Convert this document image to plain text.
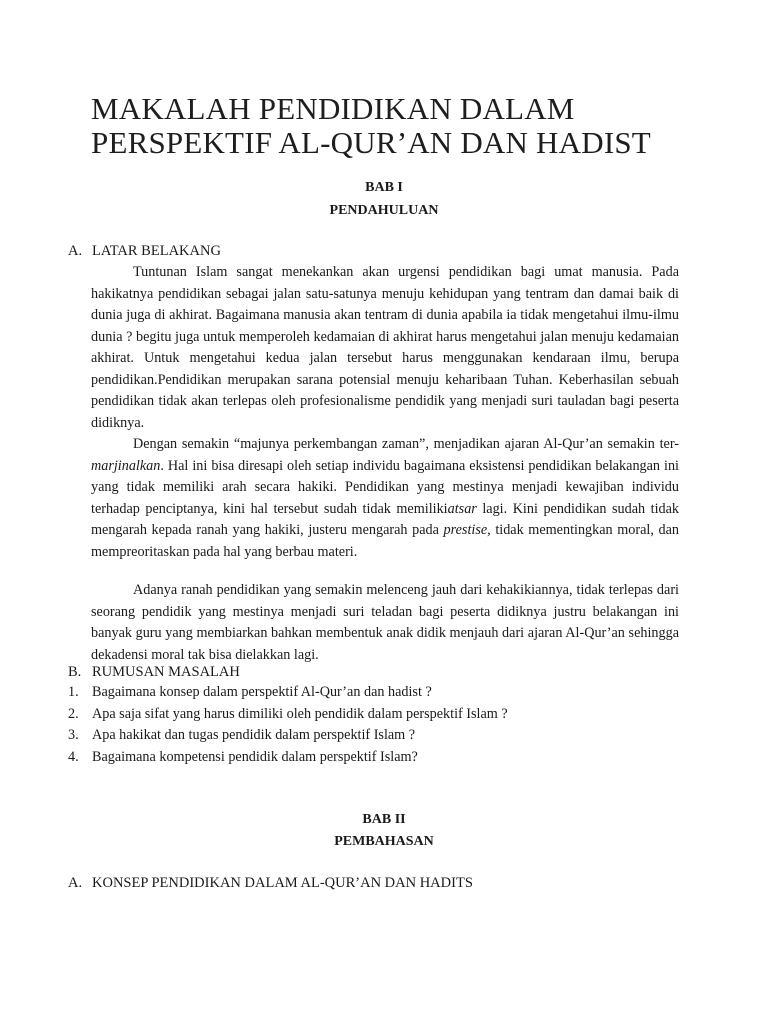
MAKALAH PENDIDIKAN DALAM
PERSPEKTIF AL-QUR’AN DAN HADIST
BAB I
PENDAHULUAN
A. LATAR BELAKANG

Tuntunan Islam sangat menekankan akan urgensi pendidikan bagi umat manusia. Pada hakikatnya pendidikan sebagai jalan satu-satunya menuju kehidupan yang tentram dan damai baik di dunia juga di akhirat. Bagaimana manusia akan tentram di dunia apabila ia tidak mengetahui ilmu-ilmu dunia ? begitu juga untuk memperoleh kedamaian di akhirat harus mengetahui jalan menuju kedamaian akhirat. Untuk mengetahui kedua jalan tersebut harus menggunakan kendaraan ilmu, berupa pendidikan.Pendidikan merupakan sarana potensial menuju keharibaan Tuhan. Keberhasilan sebuah pendidikan tidak akan terlepas oleh profesionalisme pendidik yang menjadi suri tauladan bagi peserta didiknya.

Dengan semakin “majunya perkembangan zaman”, menjadikan ajaran Al-Qur’an semakin ter-marjinalkan. Hal ini bisa diresapi oleh setiap individu bagaimana eksistensi pendidikan belakangan ini yang tidak memiliki arah secara hakiki. Pendidikan yang mestinya menjadi kewajiban individu terhadap penciptanya, kini hal tersebut sudah tidak memilikiatsar lagi. Kini pendidikan sudah tidak mengarah kepada ranah yang hakiki, justeru mengarah pada prestise, tidak mementingkan moral, dan mempreoritaskan pada hal yang berbau materi.

Adanya ranah pendidikan yang semakin melenceng jauh dari kehakikiannya, tidak terlepas dari seorang pendidik yang mestinya menjadi suri teladan bagi peserta didiknya justru belakangan ini banyak guru yang membiarkan bahkan membentuk anak didik menjauh dari ajaran Al-Qur’an sehingga dekadensi moral tak bisa dielakkan lagi.

B. RUMUSAN MASALAH
1. Bagaimana konsep dalam perspektif Al-Qur’an dan hadist ?
2. Apa saja sifat yang harus dimiliki oleh pendidik dalam perspektif Islam ?
3. Apa hakikat dan tugas pendidik dalam perspektif Islam ?
4. Bagaimana kompetensi pendidik dalam perspektif Islam?
BAB II
PEMBAHASAN
A. KONSEP PENDIDIKAN DALAM AL-QUR’AN DAN HADITS
